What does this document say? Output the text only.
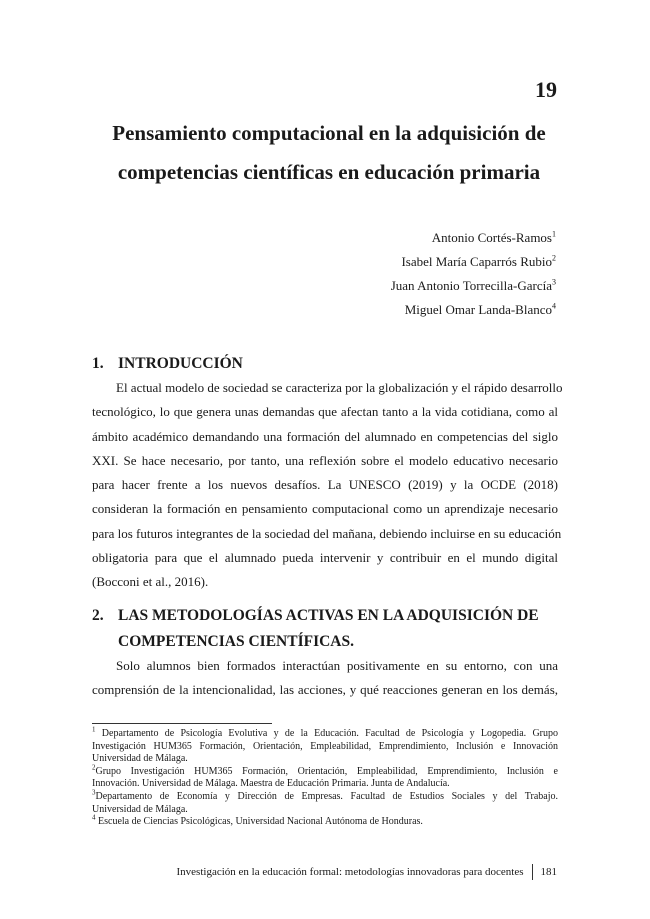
19
Pensamiento computacional en la adquisición de
competencias científicas en educación primaria
Antonio Cortés-Ramos$^1$
Isabel María Caparrós Rubio$^2$
Juan Antonio Torrecilla-García$^3$
Miguel Omar Landa-Blanco$^4$
1. INTRODUCCIÓN
El actual modelo de sociedad se caracteriza por la globalización y el rápido desarrollo
tecnológico, lo que genera unas demandas que afectan tanto a la vida cotidiana, como al
ámbito académico demandando una formación del alumnado en competencias del siglo
XXI. Se hace necesario, por tanto, una reflexión sobre el modelo educativo necesario
para hacer frente a los nuevos desafíos. La UNESCO (2019) y la OCDE (2018)
consideran la formación en pensamiento computacional como un aprendizaje necesario
para los futuros integrantes de la sociedad del mañana, debiendo incluirse en su educación
obligatoria para que el alumnado pueda intervenir y contribuir en el mundo digital
(Bocconi et al., 2016).
2. LAS METODOLOGÍAS ACTIVAS EN LA ADQUISICIÓN DE
COMPETENCIAS CIENTÍFICAS.
Solo alumnos bien formados interactúan positivamente en su entorno, con una
comprensión de la intencionalidad, las acciones, y qué reacciones generan en los demás,
$^1$ Departamento de Psicología Evolutiva y de la Educación. Facultad de Psicología y Logopedia. Grupo
Investigación HUM365 Formación, Orientación, Empleabilidad, Emprendimiento, Inclusión e Innovación
Universidad de Málaga.
$^2$Grupo Investigación HUM365 Formación, Orientación, Empleabilidad, Emprendimiento, Inclusión e
Innovación. Universidad de Málaga. Maestra de Educación Primaria. Junta de Andalucía.
$^3$Departamento de Economía y Dirección de Empresas. Facultad de Estudios Sociales y del Trabajo.
Universidad de Málaga.
$^4$ Escuela de Ciencias Psicológicas, Universidad Nacional Autónoma de Honduras.
Investigación en la educación formal: metodologías innovadoras para docentes 181
